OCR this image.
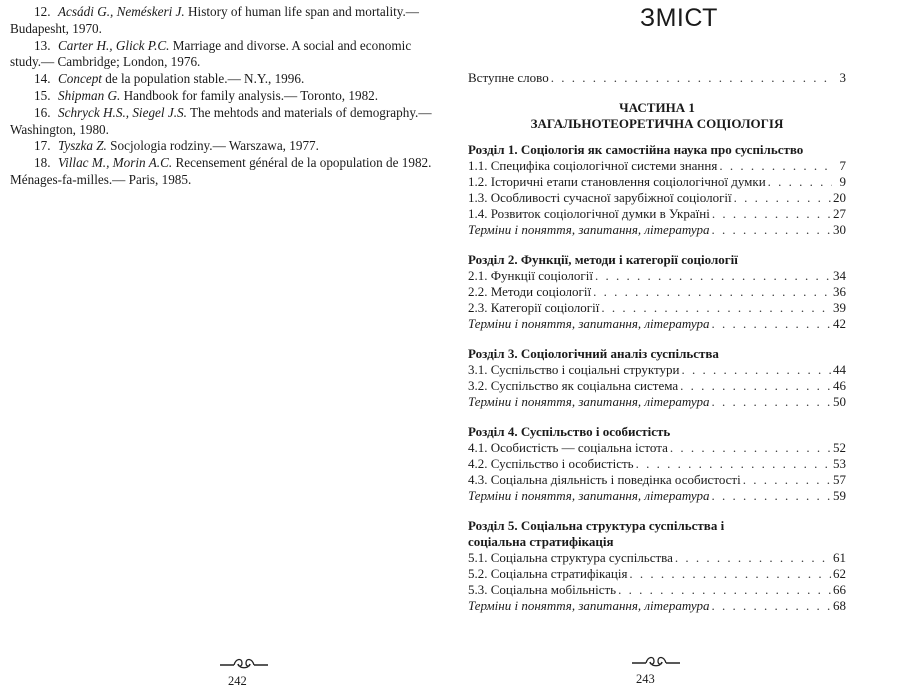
12. Acsádi G., Neméskeri J. History of human life span and mortality.—
Budapesht, 1970.
13. Carter H., Glick P.C. Marriage and divorse. A social and economic
study.— Cambridge; London, 1976.
14. Concept de la population stable.— N.Y., 1996.
15. Shipman G. Handbook for family analysis.— Toronto, 1982.
16. Schryck H.S., Siegel J.S. The mehtods and materials of demography.—
Washington, 1980.
17. Tyszka Z. Socjologia rodziny.— Warszawa, 1977.
18. Villac M., Morin A.C. Recensement général de la opopulation de 1982.
Ménages-fa-milles.— Paris, 1985.
242
ЗМІСТ
Вступне слово . . .	3
ЧАСТИНА 1
ЗАГАЛЬНОТЕОРЕТИЧНА СОЦІОЛОГІЯ
Розділ 1. Соціологія як самостійна наука про суспільство
1.1. Специфіка соціологічної системи знання . . .	7
1.2. Історичні етапи становлення соціологічної думки . . .	9
1.3. Особливості сучасної зарубіжної соціології . . .	20
1.4. Розвиток соціологічної думки в Україні . . .	27
Терміни і поняття, запитання, література . . .	30
Розділ 2. Функції, методи і категорії соціології
2.1. Функції соціології . . .	34
2.2. Методи соціології . . .	36
2.3. Категорії соціології . . .	39
Терміни і поняття, запитання, література . . .	42
Розділ 3. Соціологічний аналіз суспільства
3.1. Суспільство і соціальні структури . . .	44
3.2. Суспільство як соціальна система . . .	46
Терміни і поняття, запитання, література . . .	50
Розділ 4. Суспільство і особистість
4.1. Особистість — соціальна істота . . .	52
4.2. Суспільство і особистість . . .	53
4.3. Соціальна діяльність і поведінка особистості . . .	57
Терміни і поняття, запитання, література . . .	59
Розділ 5. Соціальна структура суспільства і соціальна стратифікація
5.1. Соціальна структура суспільства . . .	61
5.2. Соціальна стратифікація . . .	62
5.3. Соціальна мобільність . . .	66
Терміни і поняття, запитання, література . . .	68
243
